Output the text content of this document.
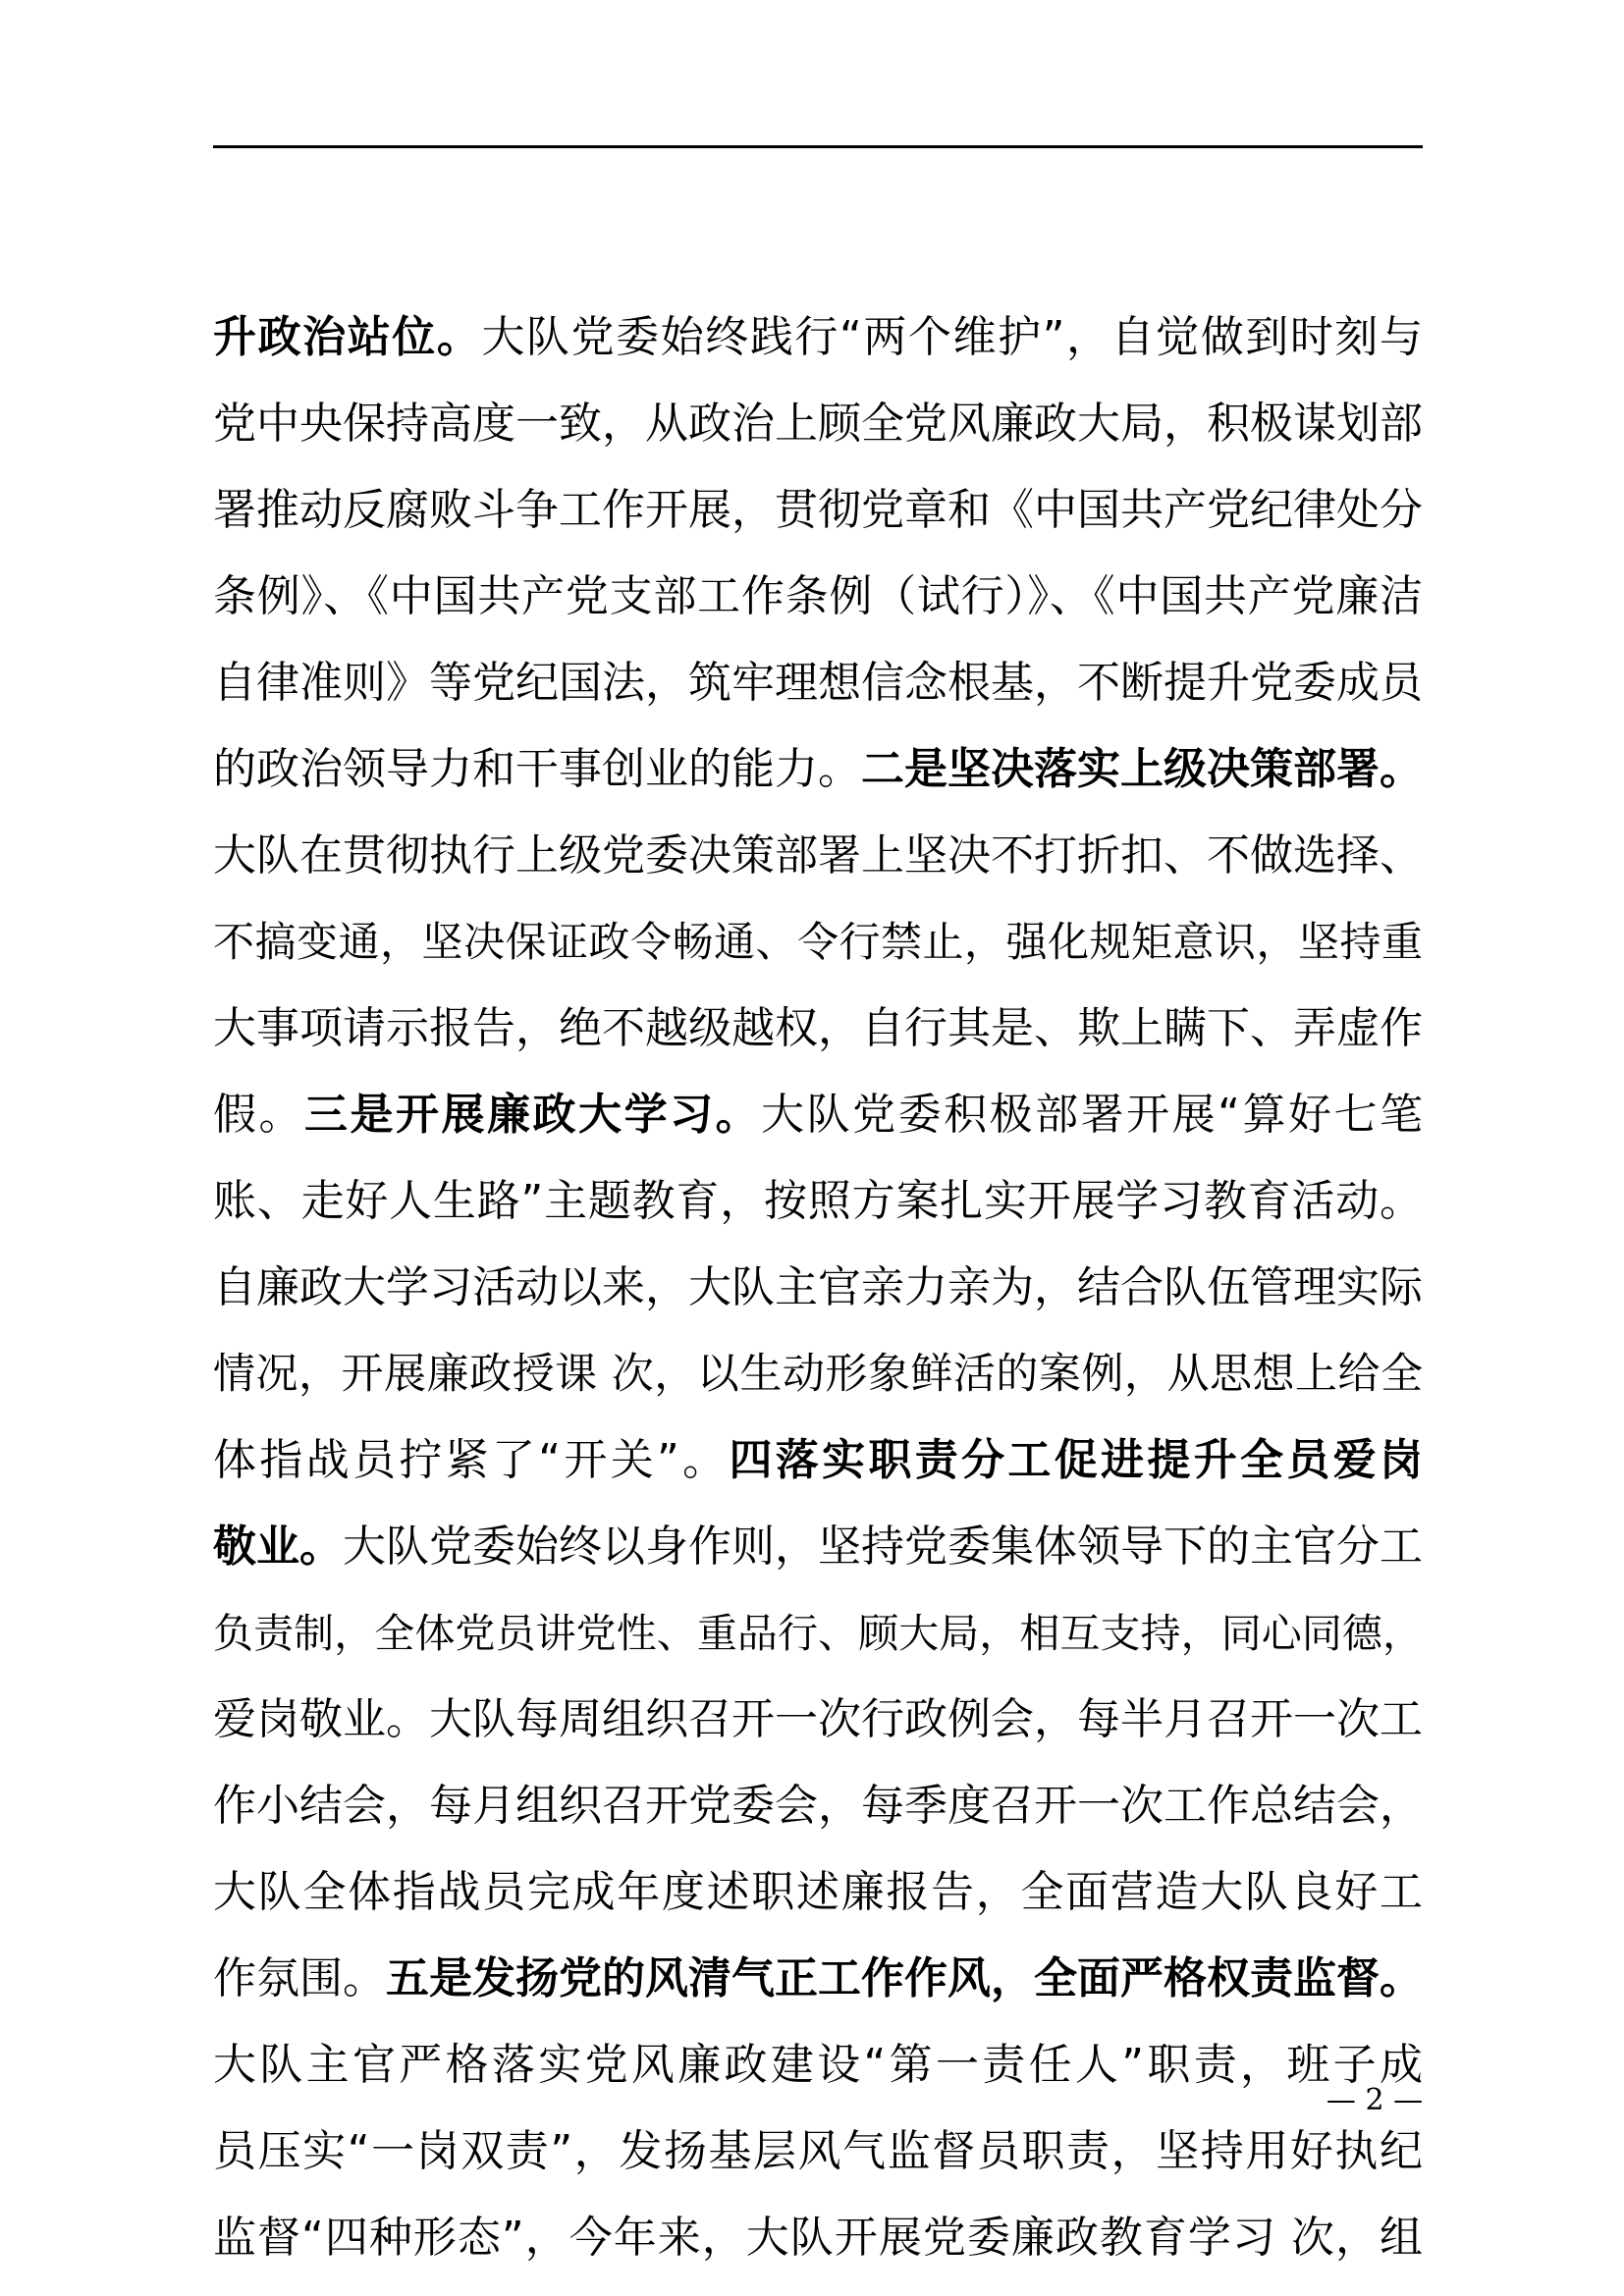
升政治站位。大队党委始终践行“两个维护”，自觉做到时刻与
党中央保持高度一致，从政治上顾全党风廉政大局，积极谋划部
署推动反腐败斗争工作开展，贯彻党章和《中国共产党纪律处分
条例》、《中国共产党支部工作条例（试行）》、《中国共产党廉洁
自律准则》等党纪国法，筑牢理想信念根基，不断提升党委成员
的政治领导力和干事创业的能力。二是坚决落实上级决策部署。
大队在贯彻执行上级党委决策部署上坚决不打折扣、不做选择、
不搞变通，坚决保证政令畅通、令行禁止，强化规矩意识，坚持重
大事项请示报告，绝不越级越权，自行其是、欺上瞒下、弄虚作
假。三是开展廉政大学习。大队党委积极部署开展“算好七笔
账、走好人生路”主题教育，按照方案扎实开展学习教育活动。
自廉政大学习活动以来，大队主官亲力亲为，结合队伍管理实际
情况，开展廉政授课 次，以生动形象鲜活的案例，从思想上给全
体指战员拧紧了“开关”。四落实职责分工促进提升全员爱岗
敬业。大队党委始终以身作则，坚持党委集体领导下的主官分工
负责制，全体党员讲党性、重品行、顾大局，相互支持，同心同德，
爱岗敬业。大队每周组织召开一次行政例会，每半月召开一次工
作小结会，每月组织召开党委会，每季度召开一次工作总结会，
大队全体指战员完成年度述职述廉报告，全面营造大队良好工
作氛围。五是发扬党的风清气正工作作风，全面严格权责监督。
大队主官严格落实党风廉政建设“第一责任人”职责，班子成
员压实“一岗双责”，发扬基层风气监督员职责，坚持用好执纪
监督“四种形态”，今年来，大队开展党委廉政教育学习 次，组
— 2 —
